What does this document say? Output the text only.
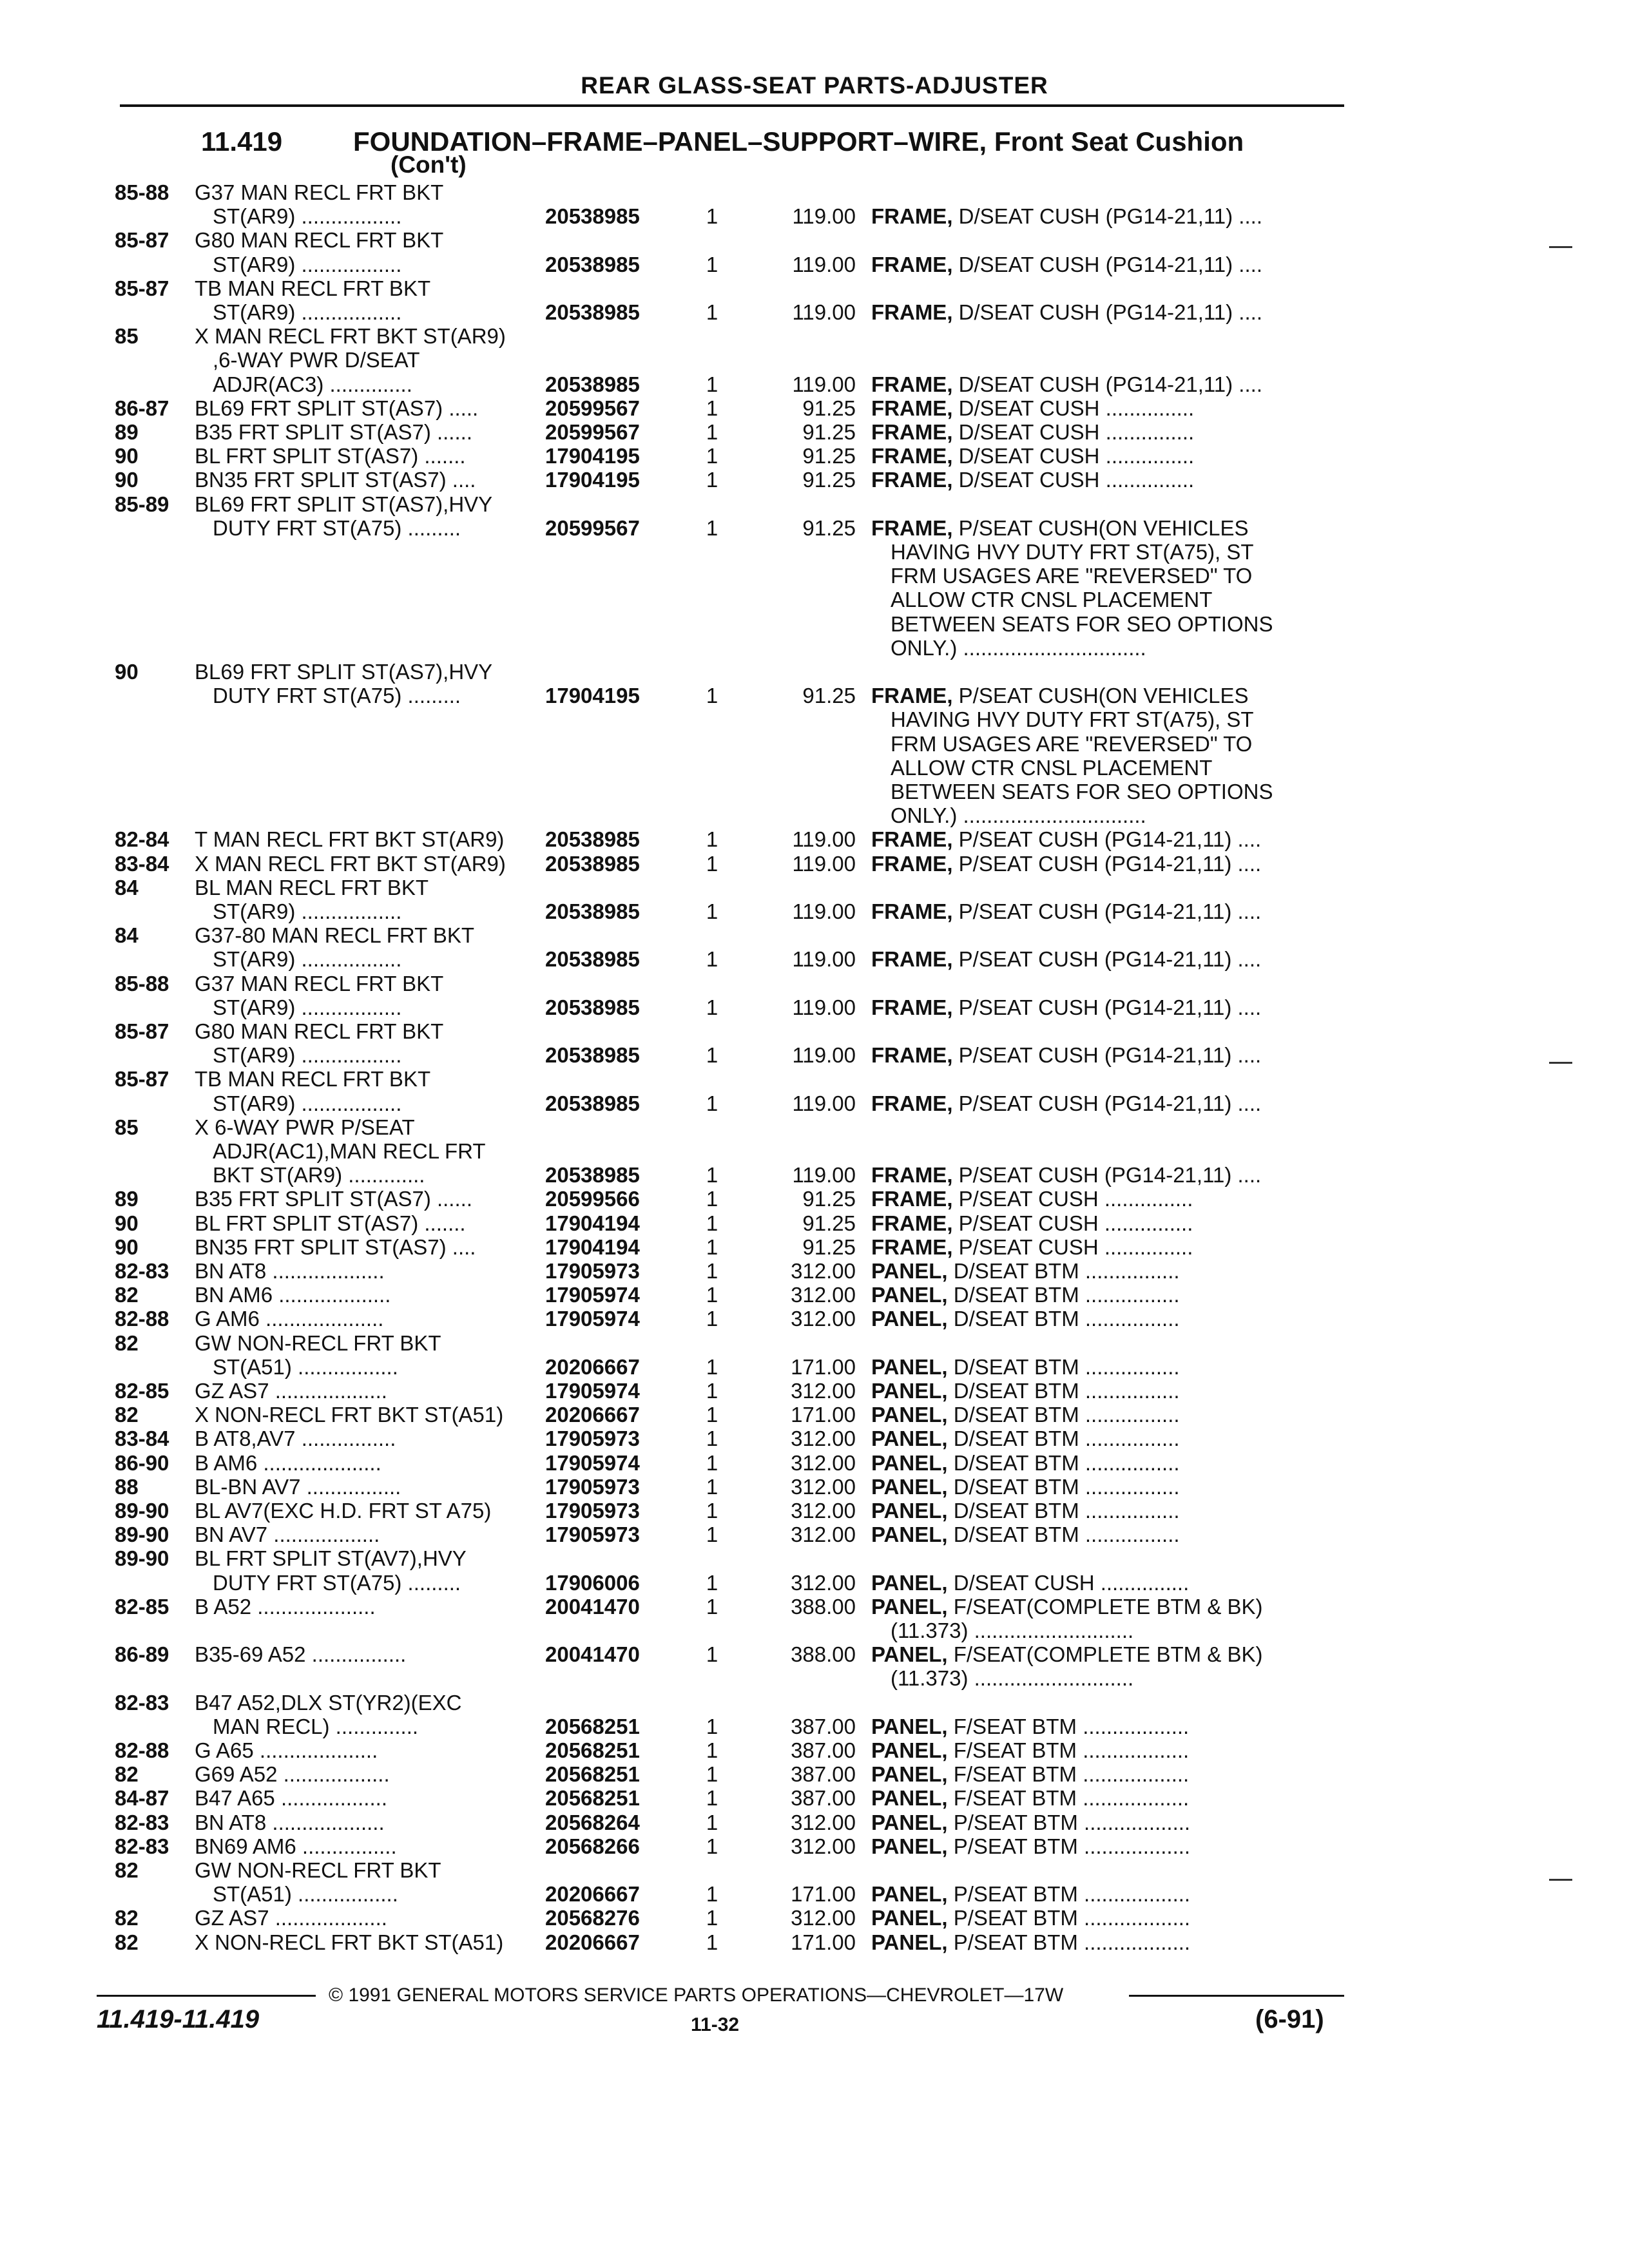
REAR GLASS-SEAT PARTS-ADJUSTER
11.419	FOUNDATION–FRAME–PANEL–SUPPORT–WIRE, Front Seat Cushion
(Con't)
85-88	G37 MAN RECL FRT BKT
ST(AR9) .................	20538985	1	119.00 FRAME, D/SEAT CUSH (PG14-21,11) ....
85-87	G80 MAN RECL FRT BKT
ST(AR9) .................	20538985	1	119.00 FRAME, D/SEAT CUSH (PG14-21,11) ....
85-87	TB MAN RECL FRT BKT
ST(AR9) .................	20538985	1	119.00 FRAME, D/SEAT CUSH (PG14-21,11) ....
85	X MAN RECL FRT BKT ST(AR9)
,6-WAY PWR D/SEAT
ADJR(AC3) ..............	20538985	1	119.00 FRAME, D/SEAT CUSH (PG14-21,11) ....
86-87	BL69 FRT SPLIT ST(AS7) .....	20599567	1	91.25 FRAME, D/SEAT CUSH ...............
89	B35 FRT SPLIT ST(AS7) ......	20599567	1	91.25 FRAME, D/SEAT CUSH ...............
90	BL FRT SPLIT ST(AS7) .......	17904195	1	91.25 FRAME, D/SEAT CUSH ...............
90	BN35 FRT SPLIT ST(AS7) ....	17904195	1	91.25 FRAME, D/SEAT CUSH ...............
85-89	BL69 FRT SPLIT ST(AS7),HVY
DUTY FRT ST(A75) .........	20599567	1	91.25 FRAME, P/SEAT CUSH(ON VEHICLES
HAVING HVY DUTY FRT ST(A75), ST
FRM USAGES ARE "REVERSED" TO
ALLOW CTR CNSL PLACEMENT
BETWEEN SEATS FOR SEO OPTIONS
ONLY.) ...............................
90	BL69 FRT SPLIT ST(AS7),HVY
DUTY FRT ST(A75) .........	17904195	1	91.25 FRAME, P/SEAT CUSH(ON VEHICLES
HAVING HVY DUTY FRT ST(A75), ST
FRM USAGES ARE "REVERSED" TO
ALLOW CTR CNSL PLACEMENT
BETWEEN SEATS FOR SEO OPTIONS
ONLY.) ...............................
82-84	T MAN RECL FRT BKT ST(AR9)	20538985	1	119.00 FRAME, P/SEAT CUSH (PG14-21,11) ....
83-84	X MAN RECL FRT BKT ST(AR9)	20538985	1	119.00 FRAME, P/SEAT CUSH (PG14-21,11) ....
84	BL MAN RECL FRT BKT
ST(AR9) .................	20538985	1	119.00 FRAME, P/SEAT CUSH (PG14-21,11) ....
84	G37-80 MAN RECL FRT BKT
ST(AR9) .................	20538985	1	119.00 FRAME, P/SEAT CUSH (PG14-21,11) ....
85-88	G37 MAN RECL FRT BKT
ST(AR9) .................	20538985	1	119.00 FRAME, P/SEAT CUSH (PG14-21,11) ....
85-87	G80 MAN RECL FRT BKT
ST(AR9) .................	20538985	1	119.00 FRAME, P/SEAT CUSH (PG14-21,11) ....
85-87	TB MAN RECL FRT BKT
ST(AR9) .................	20538985	1	119.00 FRAME, P/SEAT CUSH (PG14-21,11) ....
85	X 6-WAY PWR P/SEAT
ADJR(AC1),MAN RECL FRT
BKT ST(AR9) .............	20538985	1	119.00 FRAME, P/SEAT CUSH (PG14-21,11) ....
89	B35 FRT SPLIT ST(AS7) ......	20599566	1	91.25 FRAME, P/SEAT CUSH ...............
90	BL FRT SPLIT ST(AS7) .......	17904194	1	91.25 FRAME, P/SEAT CUSH ...............
90	BN35 FRT SPLIT ST(AS7) ....	17904194	1	91.25 FRAME, P/SEAT CUSH ...............
82-83	BN AT8 ...................	17905973	1	312.00 PANEL, D/SEAT BTM ................
82	BN AM6 ...................	17905974	1	312.00 PANEL, D/SEAT BTM ................
82-88	G AM6 ....................	17905974	1	312.00 PANEL, D/SEAT BTM ................
82	GW NON-RECL FRT BKT
ST(A51) .................	20206667	1	171.00 PANEL, D/SEAT BTM ................
82-85	GZ AS7 ...................	17905974	1	312.00 PANEL, D/SEAT BTM ................
82	X NON-RECL FRT BKT ST(A51)	20206667	1	171.00 PANEL, D/SEAT BTM ................
83-84	B AT8,AV7 ................	17905973	1	312.00 PANEL, D/SEAT BTM ................
86-90	B AM6 ....................	17905974	1	312.00 PANEL, D/SEAT BTM ................
88	BL-BN AV7 ................	17905973	1	312.00 PANEL, D/SEAT BTM ................
89-90	BL AV7(EXC H.D. FRT ST A75)	17905973	1	312.00 PANEL, D/SEAT BTM ................
89-90	BN AV7 ..................	17905973	1	312.00 PANEL, D/SEAT BTM ................
89-90	BL FRT SPLIT ST(AV7),HVY
DUTY FRT ST(A75) .........	17906006	1	312.00 PANEL, D/SEAT CUSH ...............
82-85	B A52 ....................	20041470	1	388.00 PANEL, F/SEAT(COMPLETE BTM & BK)
(11.373) ...........................
86-89	B35-69 A52 ................	20041470	1	388.00 PANEL, F/SEAT(COMPLETE BTM & BK)
(11.373) ...........................
82-83	B47 A52,DLX ST(YR2)(EXC
MAN RECL) ..............	20568251	1	387.00 PANEL, F/SEAT BTM ..................
82-88	G A65 ....................	20568251	1	387.00 PANEL, F/SEAT BTM ..................
82	G69 A52 ..................	20568251	1	387.00 PANEL, F/SEAT BTM ..................
84-87	B47 A65 ..................	20568251	1	387.00 PANEL, F/SEAT BTM ..................
82-83	BN AT8 ...................	20568264	1	312.00 PANEL, P/SEAT BTM ..................
82-83	BN69 AM6 ................	20568266	1	312.00 PANEL, P/SEAT BTM ..................
82	GW NON-RECL FRT BKT
ST(A51) .................	20206667	1	171.00 PANEL, P/SEAT BTM ..................
82	GZ AS7 ...................	20568276	1	312.00 PANEL, P/SEAT BTM ..................
82	X NON-RECL FRT BKT ST(A51)	20206667	1	171.00 PANEL, P/SEAT BTM ..................
© 1991 GENERAL MOTORS SERVICE PARTS OPERATIONS—CHEVROLET—17W
11.419-11.419	11-32	(6-91)
